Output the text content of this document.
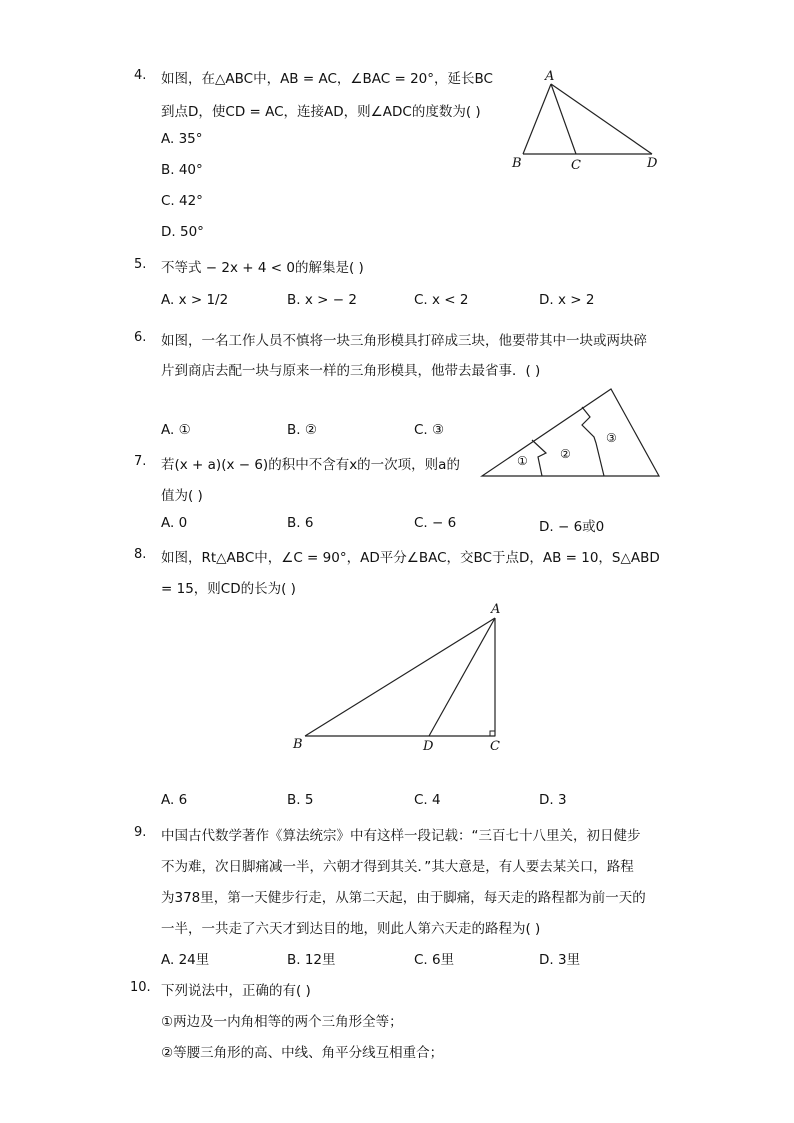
4. 如图，在△ABC中，AB = AC，∠BAC = 20°，延长BC
到点D，使CD = AC，连接AD，则∠ADC的度数为( )
A. 35°
B. 40°
C. 42°
D. 50°
A
B	C	D
5. 不等式 − 2x + 4 < 0的解集是( )
A. x > 1/2	B. x > − 2	C. x < 2	D. x > 2
6. 如图，一名工作人员不慎将一块三角形模具打碎成三块，他要带其中一块或两块碎
片到商店去配一块与原来一样的三角形模具，他带去最省事．( )
A. ①	B. ②	C. ③
①	②
③
7. 若(x + a)(x − 6)的积中不含有x的一次项，则a的
值为( )
A. 0	B. 6	C. − 6	D. − 6或0
8. 如图，Rt△ABC中，∠C = 90°，AD平分∠BAC，交BC于点D，AB = 10，S△ABD
= 15，则CD的长为( )
A
B	D	C
A. 6	B. 5	C. 4	D. 3
9. 中国古代数学著作《算法统宗》中有这样一段记载：“三百七十八里关，初日健步
不为难，次日脚痛减一半，六朝才得到其关．”其大意是，有人要去某关口，路程
为378里，第一天健步行走，从第二天起，由于脚痛，每天走的路程都为前一天的
一半，一共走了六天才到达目的地，则此人第六天走的路程为( )
A. 24里	B. 12里	C. 6里	D. 3里
10. 下列说法中，正确的有( )
①两边及一内角相等的两个三角形全等；
②等腰三角形的高、中线、角平分线互相重合；
